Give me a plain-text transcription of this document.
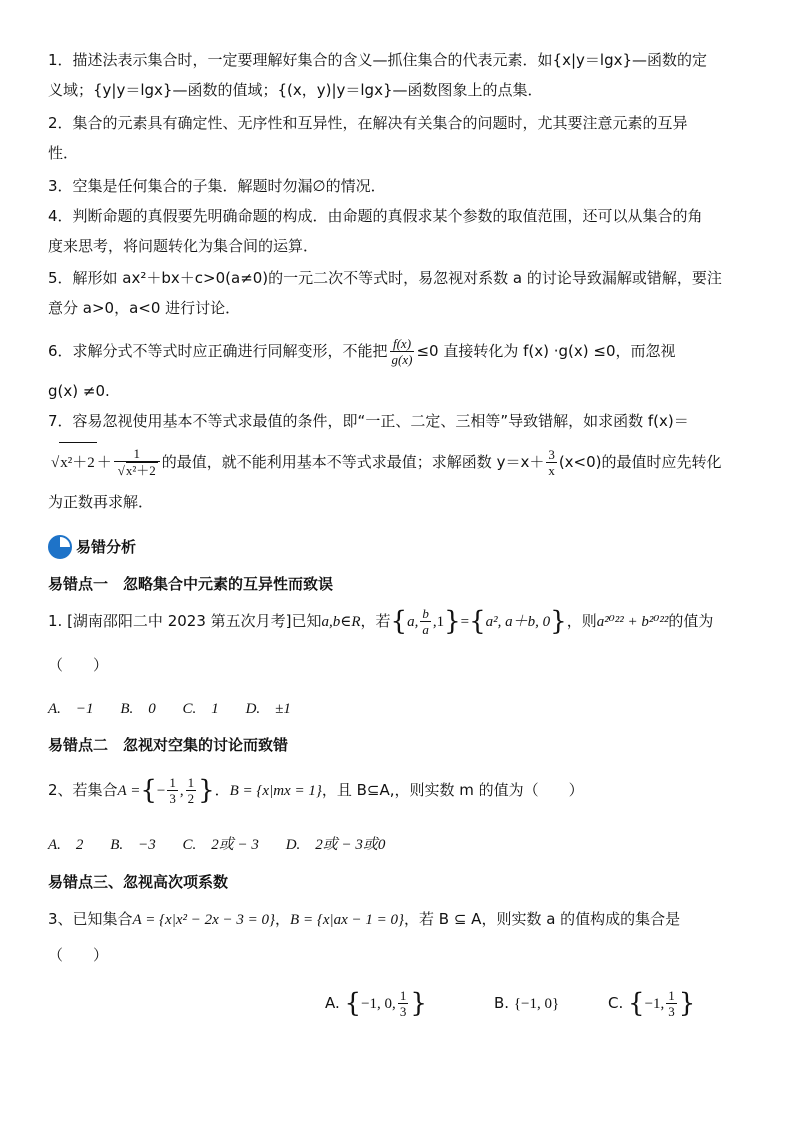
1．描述法表示集合时，一定要理解好集合的含义—抓住集合的代表元素．如{x|y＝lgx}—函数的定
义域；{y|y＝lgx}—函数的值域；{(x，y)|y＝lgx}—函数图象上的点集．
2．集合的元素具有确定性、无序性和互异性，在解决有关集合的问题时，尤其要注意元素的互异
性．
3．空集是任何集合的子集．解题时勿漏∅的情况．
4．判断命题的真假要先明确命题的构成．由命题的真假求某个参数的取值范围，还可以从集合的角
度来思考，将问题转化为集合间的运算．
5．解形如 ax²＋bx＋c>0(a≠0)的一元二次不等式时，易忽视对系数 a 的讨论导致漏解或错解，要注
意分 a>0，a<0 进行讨论．
6．求解分式不等式时应正确进行同解变形，不能把 $\frac{f(x)}{g(x)} \le 0$ 直接转化为 f(x) ·g(x) ≤0，而忽视
g(x) ≠0.
7．容易忽视使用基本不等式求最值的条件，即“一正、二定、三相等”导致错解，如求函数 f(x)＝
√ x²＋2 ＋ 1
√ x²＋2 的最值，就不能利用基本不等式求最值；求解函数 $y=x+ \frac{3}{x} (x<0)$的最值时应先转化
为正数再求解．
易错分析
易错点一　忽略集合中元素的互异性而致误
1. [湖南邵阳二中 2023 第五次月考]已知a,b∈R，若{a, $\frac{b}{a} ,1\}=\{a^2$, a＋b, 0}，则a²⁰²² + b²⁰²²的值为
（　　）
A.　−1 B.　0 C.　1 D.　±1
易错点二　忽视对空集的讨论而致错
2、若集合A ={− $\frac{1}{3}$ , $\frac{1}{2}$ }．B = {x|mx = 1}，且 B⊆A,，则实数 m 的值为（　　）
A.　2 B.　−3 C.　2或 − 3 D.　2或 − 3或0
易错点三、忽视高次项系数
3、已知集合A = {x|x² − 2x − 3 = 0}，B = {x|ax − 1 = 0}，若 B ⊆ A，则实数 a 的值构成的集合是
（　　）
A. {−1, 0, $\frac{1}{3}$ }	B. {−1, 0}	C. {−1, $\frac{1}{3}$ }
